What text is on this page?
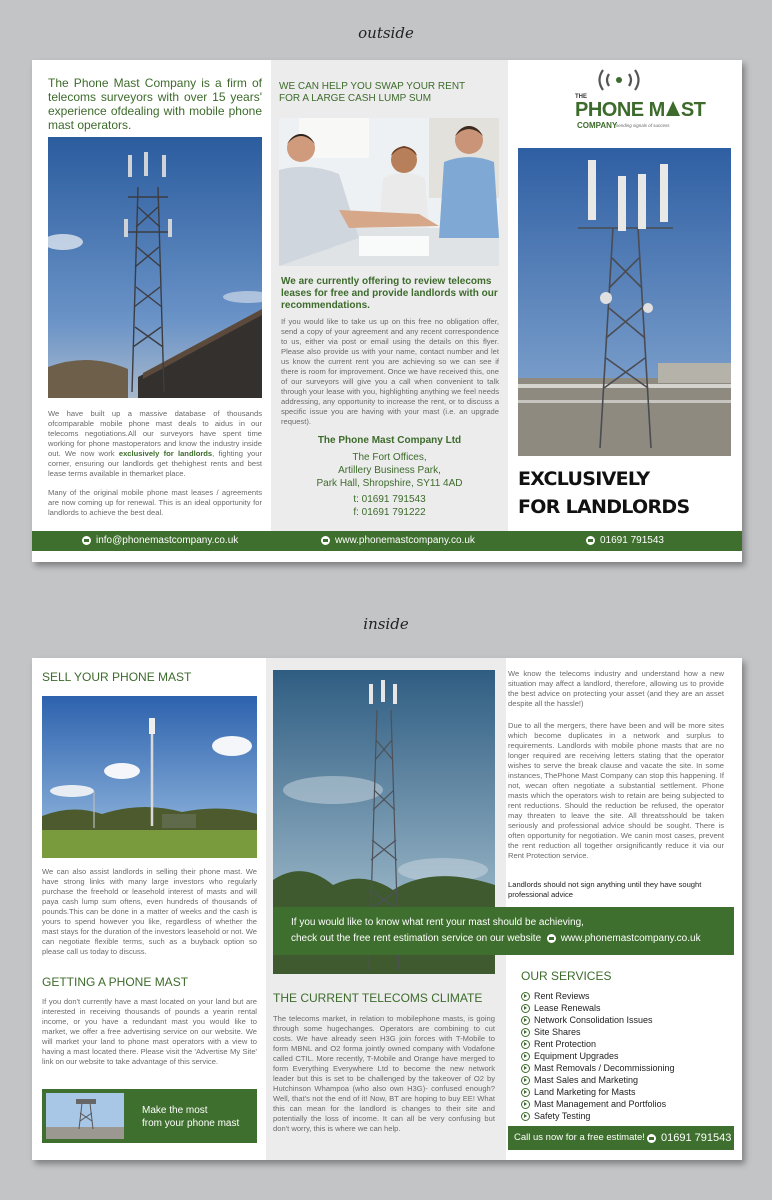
outside
The Phone Mast Company is a firm of telecoms surveyors with over 15 years' experience ofdealing with mobile phone mast operators.

We have built up a massive database of thousands ofcomparable mobile phone mast deals to aidus in our telecoms negotiations.All our surveyors have spent time working for phone mastoperators and know the industry inside out. We now work exclusively for landlords, fighting your corner, ensuring our landlords get thehighest rents and best lease terms available in themarket place.

Many of the original mobile phone mast leases / agreements are now coming up for renewal. This is an ideal opportunity for landlords to achieve the best deal.

WE CAN HELP YOU SWAP YOUR RENT
FOR A LARGE CASH LUMP SUM
We are currently offering to review telecoms leases for free and provide landlords with our recommendations.

If you would like to take us up on this free no obligation offer, send a copy of your agreement and any recent correspondence to us, either via post or email using the details on this flyer. Please also provide us with your name, contact number and let us know the current rent you are achieving so we can see if there is room for improvement. Once we have received this, one of our surveyors will give you a call when convenient to talk through your lease with you, highlighting anything we feel needs addressing, any opportunity to increase the rent, or to discuss a specific issue you are having with your mast (i.e. an upgrade request).

The Phone Mast Company Ltd
The Fort Offices,
Artillery Business Park,
Park Hall, Shropshire, SY11 4AD
t: 01691 791543
f: 01691 791222
THE
PHONE M ST
COMPANY
sending signals of success
EXCLUSIVELY
FOR LANDLORDS
info@phonemastcompany.co.uk	www.phonemastcompany.co.uk	01691 791543
inside
SELL YOUR PHONE MAST

We can also assist landlords in selling their phone mast. We have strong links with many large investors who regularly purchase the freehold or leasehold interest of masts and will paya cash lump sum oftens, even hundreds of thousands of pounds.This can be done in a matter of weeks and the cash is yours to spend however you like, regardless of whether the mast stays for the duration of the investors leasehold or not. We can negotiate flexible terms, such as a buyback option so please call us today to discuss.

GETTING A PHONE MAST

If you don't currently have a mast located on your land but are interested in receiving thousands of pounds a yearin rental income, or you have a redundant mast you would like to market, we offer a free advertising service on our website. We will market your land to phone mast operators with a view to having a mast located there. Please visit the 'Advertise My Site' link on our website to take advantage of this service.

Make the most
from your phone mast
THE CURRENT TELECOMS CLIMATE

The telecoms market, in relation to mobilephone masts, is going through some hugechanges. Operators are combining to cut costs. We have already seen H3G join forces with T-Mobile to form MBNL and O2 forma jointly owned company with Vodafone called CTIL. More recently, T-Mobile and Orange have merged to form Everything Everywhere Ltd to become the new network leader but this is set to be challenged by the takeover of O2 by Hutchinson Whampoa (who also own H3G)- confused enough? Well, that's not the end of it! Now, BT are hoping to buy EE! What this can mean for the landlord is changes to their site and potentially the loss of income. It can all be very confusing but don't worry, this is where we can help.

We know the telecoms industry and understand how a new situation may affect a landlord, therefore, allowing us to provide the best advice on protecting your asset (and they are an asset despite all the hassle!)

Due to all the mergers, there have been and will be more sites which become duplicates in a network and surplus to requirements. Landlords with mobile phone masts that are no longer required are receiving letters stating that the operator wishes to serve the break clause and vacate the site. In some instances, ThePhone Mast Company can stop this happening. If not, wecan often negotiate a substantial settlement. Phone masts which the operators wish to retain are being subjected to rent reductions. Should the reduction be refused, the operator may threaten to leave the site. All threatsshould be taken seriously and professional advice should be sought. There is often opportunity for negotiation. We canin most cases, prevent the rent reduction all together orsignificantly reduce it via our Rent Protection service.

Landlords should not sign anything until they have sought professional advice

OUR SERVICES
Rent Reviews
Lease Renewals
Network Consolidation Issues
Site Shares
Rent Protection
Equipment Upgrades
Mast Removals / Decommissioning
Mast Sales and Marketing
Land Marketing for Masts
Mast Management and Portfolios
Safety Testing
Call us now for a free estimate!	01691 791543
If you would like to know what rent your mast should be achieving,
check out the free rent estimation service on our website www.phonemastcompany.co.uk
